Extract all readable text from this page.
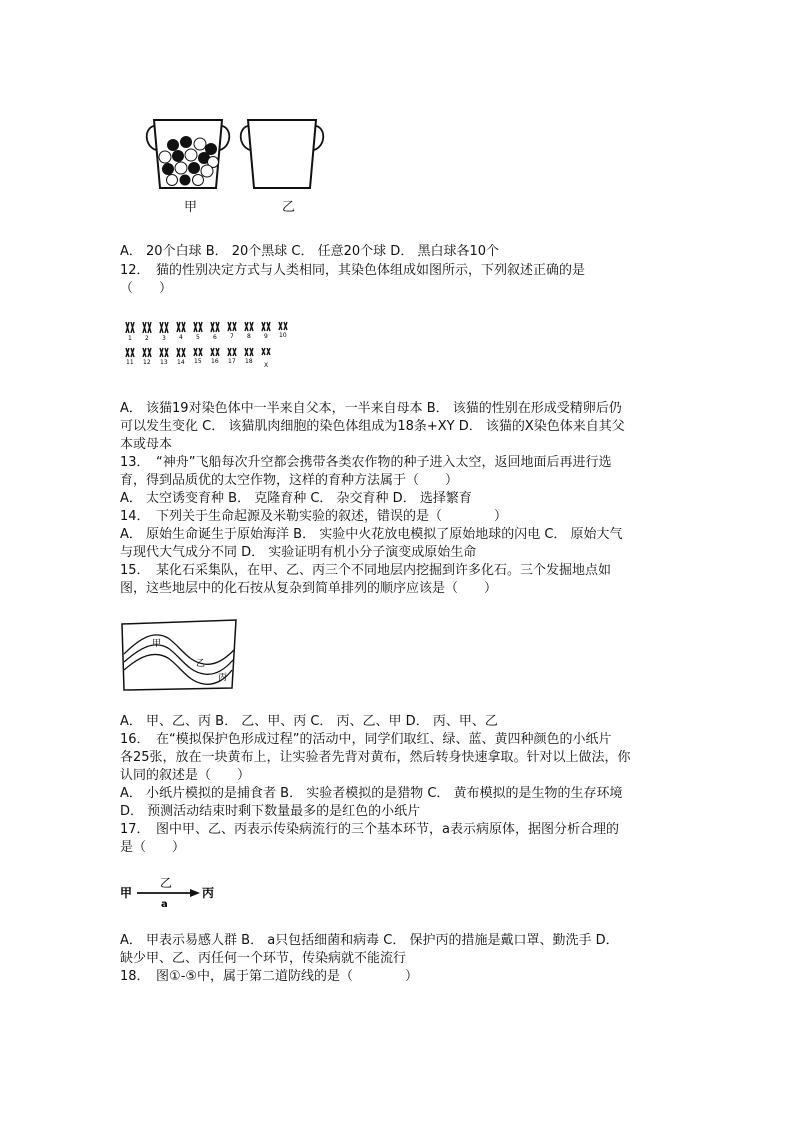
甲	乙
1 2 3 4 5 6 7 8 9 10
11 12 13 14 15 16 17 18
X
甲
乙
丙
甲
乙
a
丙
A． 20个白球 B． 20个黑球 C． 任意20个球 D． 黑白球各10个
12．　猫的性别决定方式与人类相同，其染色体组成如图所示，下列叙述正确的是
（　　）
A． 该猫19对染色体中一半来自父本，一半来自母本 B． 该猫的性别在形成受精卵后仍
可以发生变化 C． 该猫肌肉细胞的染色体组成为18条+XY D． 该猫的X染色体来自其父
本或母本
13．　“神舟”飞船每次升空都会携带各类农作物的种子进入太空，返回地面后再进行选
育，得到品质优的太空作物，这样的育种方法属于（　　）
A． 太空诱变育种 B． 克隆育种 C． 杂交育种 D． 选择繁育
14．　下列关于生命起源及米勒实验的叙述，错误的是（　　　　）
A． 原始生命诞生于原始海洋 B． 实验中火花放电模拟了原始地球的闪电 C． 原始大气
与现代大气成分不同 D． 实验证明有机小分子演变成原始生命
15．　某化石采集队，在甲、乙、丙三个不同地层内挖掘到许多化石。三个发掘地点如
图，这些地层中的化石按从复杂到简单排列的顺序应该是（　　）
A． 甲、乙、丙 B． 乙、甲、丙 C． 丙、乙、甲 D． 丙、甲、乙
16．　在“模拟保护色形成过程”的活动中，同学们取红、绿、蓝、黄四种颜色的小纸片
各25张，放在一块黄布上，让实验者先背对黄布，然后转身快速拿取。针对以上做法，你
认同的叙述是（　　）
A． 小纸片模拟的是捕食者 B． 实验者模拟的是猎物 C． 黄布模拟的是生物的生存环境
D． 预测活动结束时剩下数量最多的是红色的小纸片
17．　图中甲、乙、丙表示传染病流行的三个基本环节，a表示病原体，据图分析合理的
是（　　）
A． 甲表示易感人群 B． a只包括细菌和病毒 C． 保护丙的措施是戴口罩、勤洗手 D．
缺少甲、乙、丙任何一个环节，传染病就不能流行
18．　图①-⑤中，属于第二道防线的是（　　　　）
